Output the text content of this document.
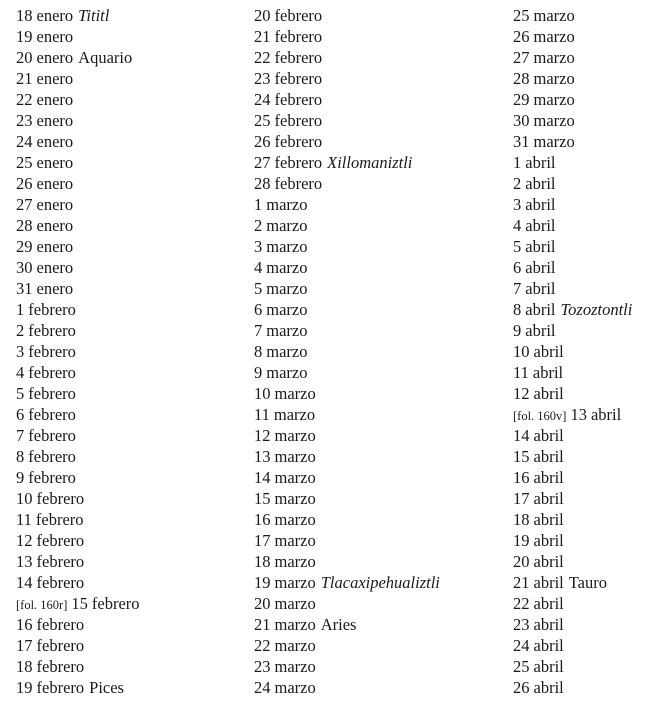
18 enero Tititl
19 enero
20 enero Aquario
21 enero
22 enero
23 enero
24 enero
25 enero
26 enero
27 enero
28 enero
29 enero
30 enero
31 enero
1 febrero
2 febrero
3 febrero
4 febrero
5 febrero
6 febrero
7 febrero
8 febrero
9 febrero
10 febrero
11 febrero
12 febrero
13 febrero
14 febrero
[fol. 160r] 15 febrero
16 febrero
17 febrero
18 febrero
19 febrero Pices
20 febrero
21 febrero
22 febrero
23 febrero
24 febrero
25 febrero
26 febrero
27 febrero Xillomaniztli
28 febrero
1 marzo
2 marzo
3 marzo
4 marzo
5 marzo
6 marzo
7 marzo
8 marzo
9 marzo
10 marzo
11 marzo
12 marzo
13 marzo
14 marzo
15 marzo
16 marzo
17 marzo
18 marzo
19 marzo Tlacaxipehualiztli
20 marzo
21 marzo Aries
22 marzo
23 marzo
24 marzo
25 marzo
26 marzo
27 marzo
28 marzo
29 marzo
30 marzo
31 marzo
1 abril
2 abril
3 abril
4 abril
5 abril
6 abril
7 abril
8 abril Tozoztontli
9 abril
10 abril
11 abril
12 abril
[fol. 160v] 13 abril
14 abril
15 abril
16 abril
17 abril
18 abril
19 abril
20 abril
21 abril Tauro
22 abril
23 abril
24 abril
25 abril
26 abril
